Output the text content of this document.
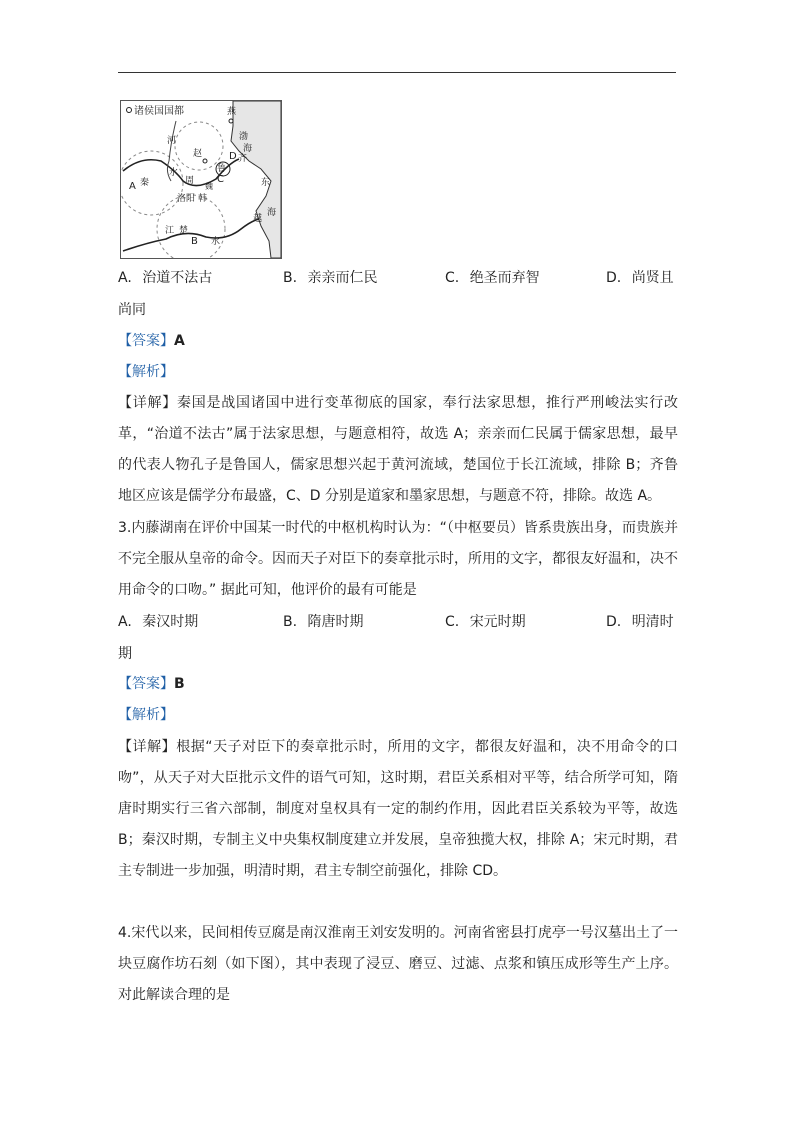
诸侯国国都	燕
渤
海
河
赵	D 齐
水	鲁
C
A 秦	周
魏	东
洛阳 韩
江 楚
B 水
越
海
A. 治道不法古	B. 亲亲而仁民	C. 绝圣而弃智	D. 尚贤且
尚同
【答案】A
【解析】
【详解】秦国是战国诸国中进行变革彻底的国家，奉行法家思想，推行严刑峻法实行改革，“治道不法古”属于法家思想，与题意相符，故选 A；亲亲而仁民属于儒家思想，最早的代表人物孔子是鲁国人，儒家思想兴起于黄河流域，楚国位于长江流域，排除 B；齐鲁地区应该是儒学分布最盛，C、D 分别是道家和墨家思想，与题意不符，排除。故选 A。
3.内藤湖南在评价中国某一时代的中枢机构时认为：“（中枢要员）皆系贵族出身，而贵族并不完全服从皇帝的命令。因而天子对臣下的奏章批示时，所用的文字，都很友好温和，决不用命令的口吻。” 据此可知，他评价的最有可能是
A. 秦汉时期	B. 隋唐时期	C. 宋元时期	D. 明清时
期
【答案】B
【解析】
【详解】根据“天子对臣下的奏章批示时，所用的文字，都很友好温和，决不用命令的口吻”，从天子对大臣批示文件的语气可知，这时期，君臣关系相对平等，结合所学可知，隋唐时期实行三省六部制，制度对皇权具有一定的制约作用，因此君臣关系较为平等，故选 B；秦汉时期，专制主义中央集权制度建立并发展，皇帝独揽大权，排除 A；宋元时期，君主专制进一步加强，明清时期，君主专制空前强化，排除 CD。
4.宋代以来，民间相传豆腐是南汉淮南王刘安发明的。河南省密县打虎亭一号汉墓出土了一块豆腐作坊石刻（如下图），其中表现了浸豆、磨豆、过滤、点浆和镇压成形等生产上序。对此解读合理的是
